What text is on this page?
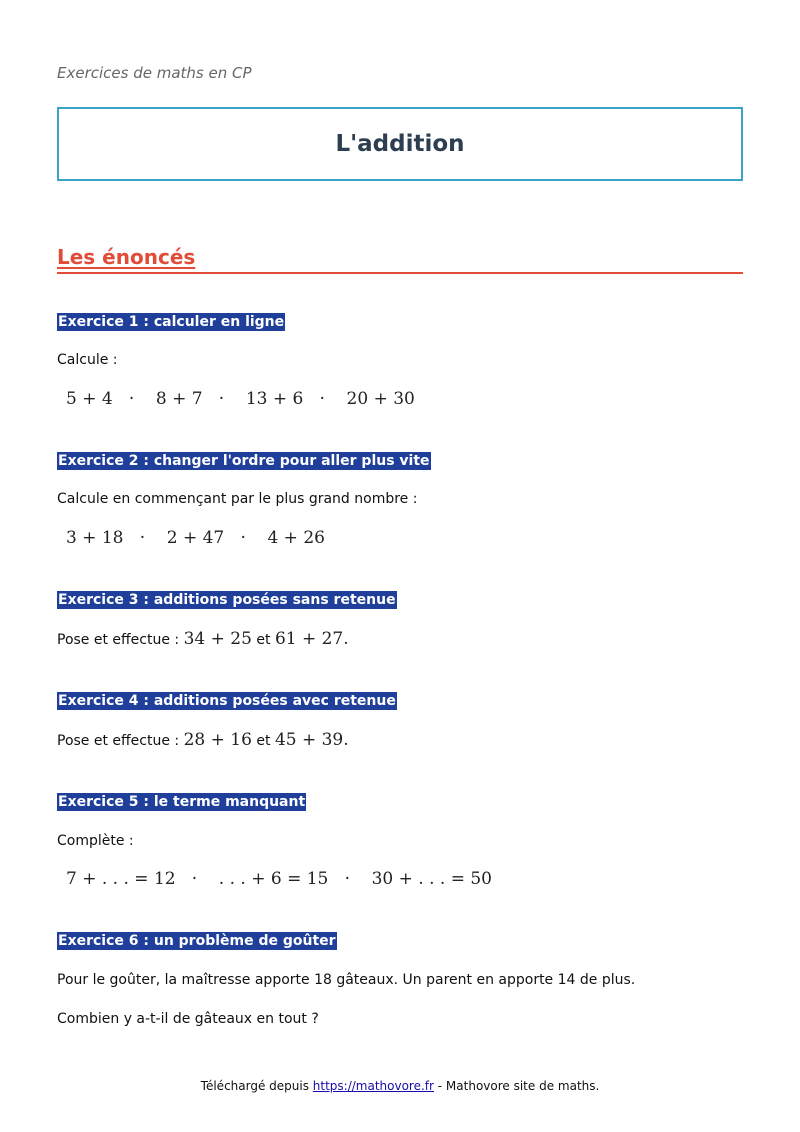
Exercices de maths en CP
L'addition
Les énoncés
Exercice 1 : calculer en ligne
Calcule :
5 + 4   ·    8 + 7   ·    13 + 6   ·    20 + 30
Exercice 2 : changer l'ordre pour aller plus vite
Calcule en commençant par le plus grand nombre :
3 + 18   ·    2 + 47   ·    4 + 26
Exercice 3 : additions posées sans retenue
Pose et effectue : 34 + 25 et 61 + 27.
Exercice 4 : additions posées avec retenue
Pose et effectue : 28 + 16 et 45 + 39.
Exercice 5 : le terme manquant
Complète :
7 + . . . = 12   ·    . . . + 6 = 15   ·    30 + . . . = 50
Exercice 6 : un problème de goûter
Pour le goûter, la maîtresse apporte 18 gâteaux. Un parent en apporte 14 de plus.
Combien y a-t-il de gâteaux en tout ?
Téléchargé depuis https://mathovore.fr - Mathovore site de maths.
